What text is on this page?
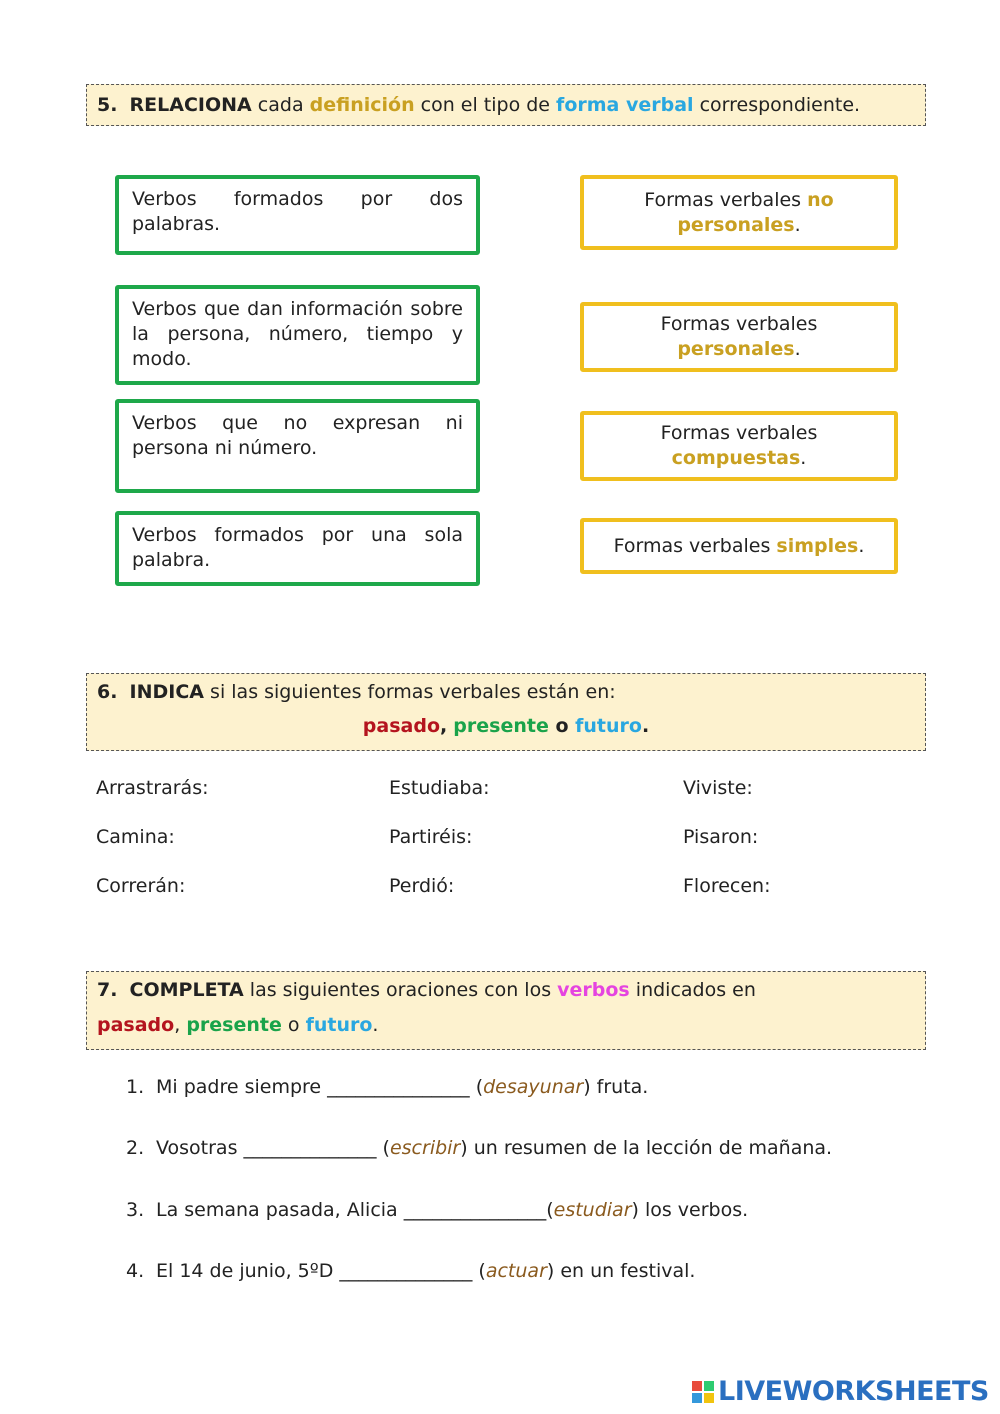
5. RELACIONA cada definición con el tipo de forma verbal correspondiente.
Verbos formados por dos palabras.
Verbos que dan información sobre la persona, número, tiempo y modo.
Verbos que no expresan ni persona ni número.
Verbos formados por una sola palabra.
Formas verbales no personales.
Formas verbales
personales.
Formas verbales
compuestas.
Formas verbales simples.
6. INDICA si las siguientes formas verbales están en:
pasado, presente o futuro.
Arrastrarás:	Estudiaba:	Viviste:
Camina:	Partiréis:	Pisaron:
Correrán:	Perdió:	Florecen:
7. COMPLETA las siguientes oraciones con los verbos indicados en
pasado, presente o futuro.
1. Mi padre siempre _______________ (desayunar) fruta.
2. Vosotras ______________ (escribir) un resumen de la lección de mañana.
3. La semana pasada, Alicia _______________(estudiar) los verbos.
4. El 14 de junio, 5ºD ______________ (actuar) en un festival.
LIVEWORKSHEETS
